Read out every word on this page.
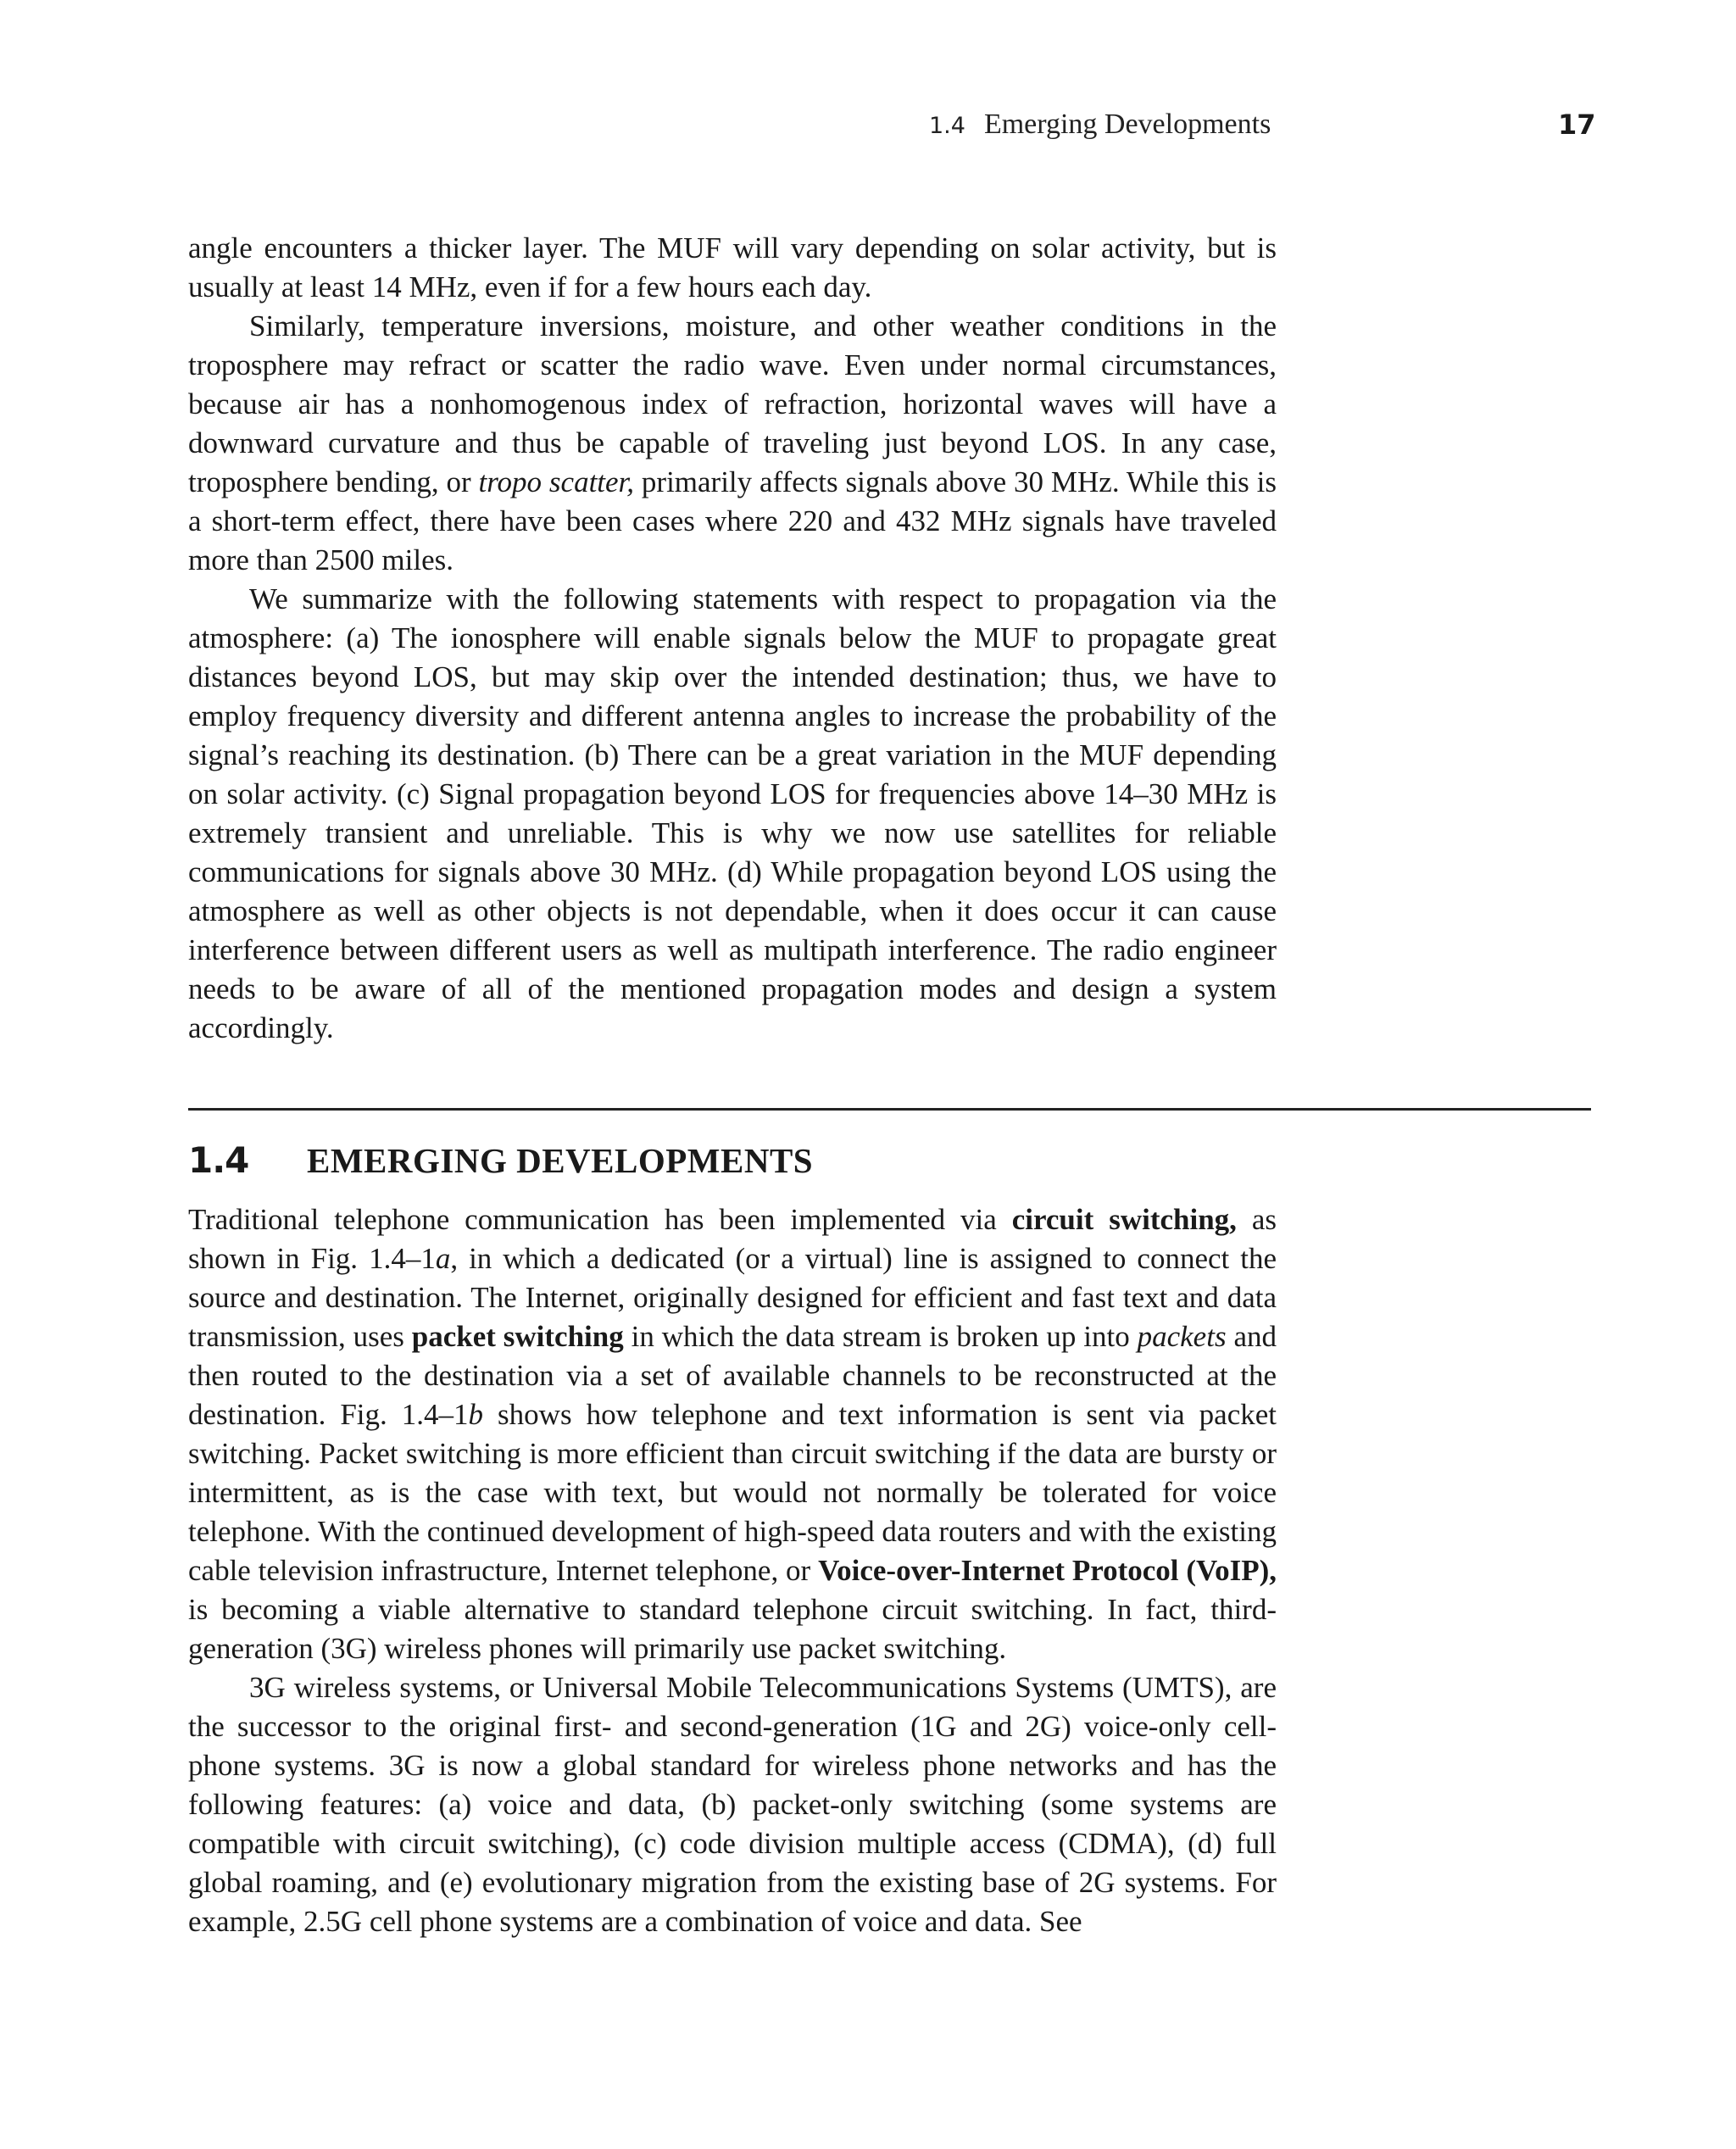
1.4 Emerging Developments	17

angle encounters a thicker layer. The MUF will vary depending on solar activity, but is usually at least 14 MHz, even if for a few hours each day.

Similarly, temperature inversions, moisture, and other weather conditions in the troposphere may refract or scatter the radio wave. Even under normal circumstances, because air has a nonhomogenous index of refraction, horizontal waves will have a downward curvature and thus be capable of traveling just beyond LOS. In any case, troposphere bending, or tropo scatter, primarily affects signals above 30 MHz. While this is a short-term effect, there have been cases where 220 and 432 MHz signals have traveled more than 2500 miles.

We summarize with the following statements with respect to propagation via the atmosphere: (a) The ionosphere will enable signals below the MUF to propagate great distances beyond LOS, but may skip over the intended destination; thus, we have to employ frequency diversity and different antenna angles to increase the probability of the signal’s reaching its destination. (b) There can be a great variation in the MUF depending on solar activity. (c) Signal propagation beyond LOS for frequencies above 14–30 MHz is extremely transient and unreliable. This is why we now use satellites for reliable communications for signals above 30 MHz. (d) While propagation beyond LOS using the atmosphere as well as other objects is not dependable, when it does occur it can cause interference between different users as well as multipath interference. The radio engineer needs to be aware of all of the mentioned propagation modes and design a system accordingly.

1.4 EMERGING DEVELOPMENTS

Traditional telephone communication has been implemented via circuit switching, as shown in Fig. 1.4–1a, in which a dedicated (or a virtual) line is assigned to connect the source and destination. The Internet, originally designed for efficient and fast text and data transmission, uses packet switching in which the data stream is broken up into packets and then routed to the destination via a set of available channels to be reconstructed at the destination. Fig. 1.4–1b shows how telephone and text information is sent via packet switching. Packet switching is more efficient than circuit switching if the data are bursty or intermittent, as is the case with text, but would not normally be tolerated for voice telephone. With the continued development of high-speed data routers and with the existing cable television infrastructure, Internet telephone, or Voice-over-Internet Protocol (VoIP), is becoming a viable alternative to standard telephone circuit switching. In fact, third-generation (3G) wireless phones will primarily use packet switching.

3G wireless systems, or Universal Mobile Telecommunications Systems (UMTS), are the successor to the original first- and second-generation (1G and 2G) voice-only cell-phone systems. 3G is now a global standard for wireless phone networks and has the following features: (a) voice and data, (b) packet-only switching (some systems are compatible with circuit switching), (c) code division multiple access (CDMA), (d) full global roaming, and (e) evolutionary migration from the existing base of 2G systems. For example, 2.5G cell phone systems are a combination of voice and data. See
